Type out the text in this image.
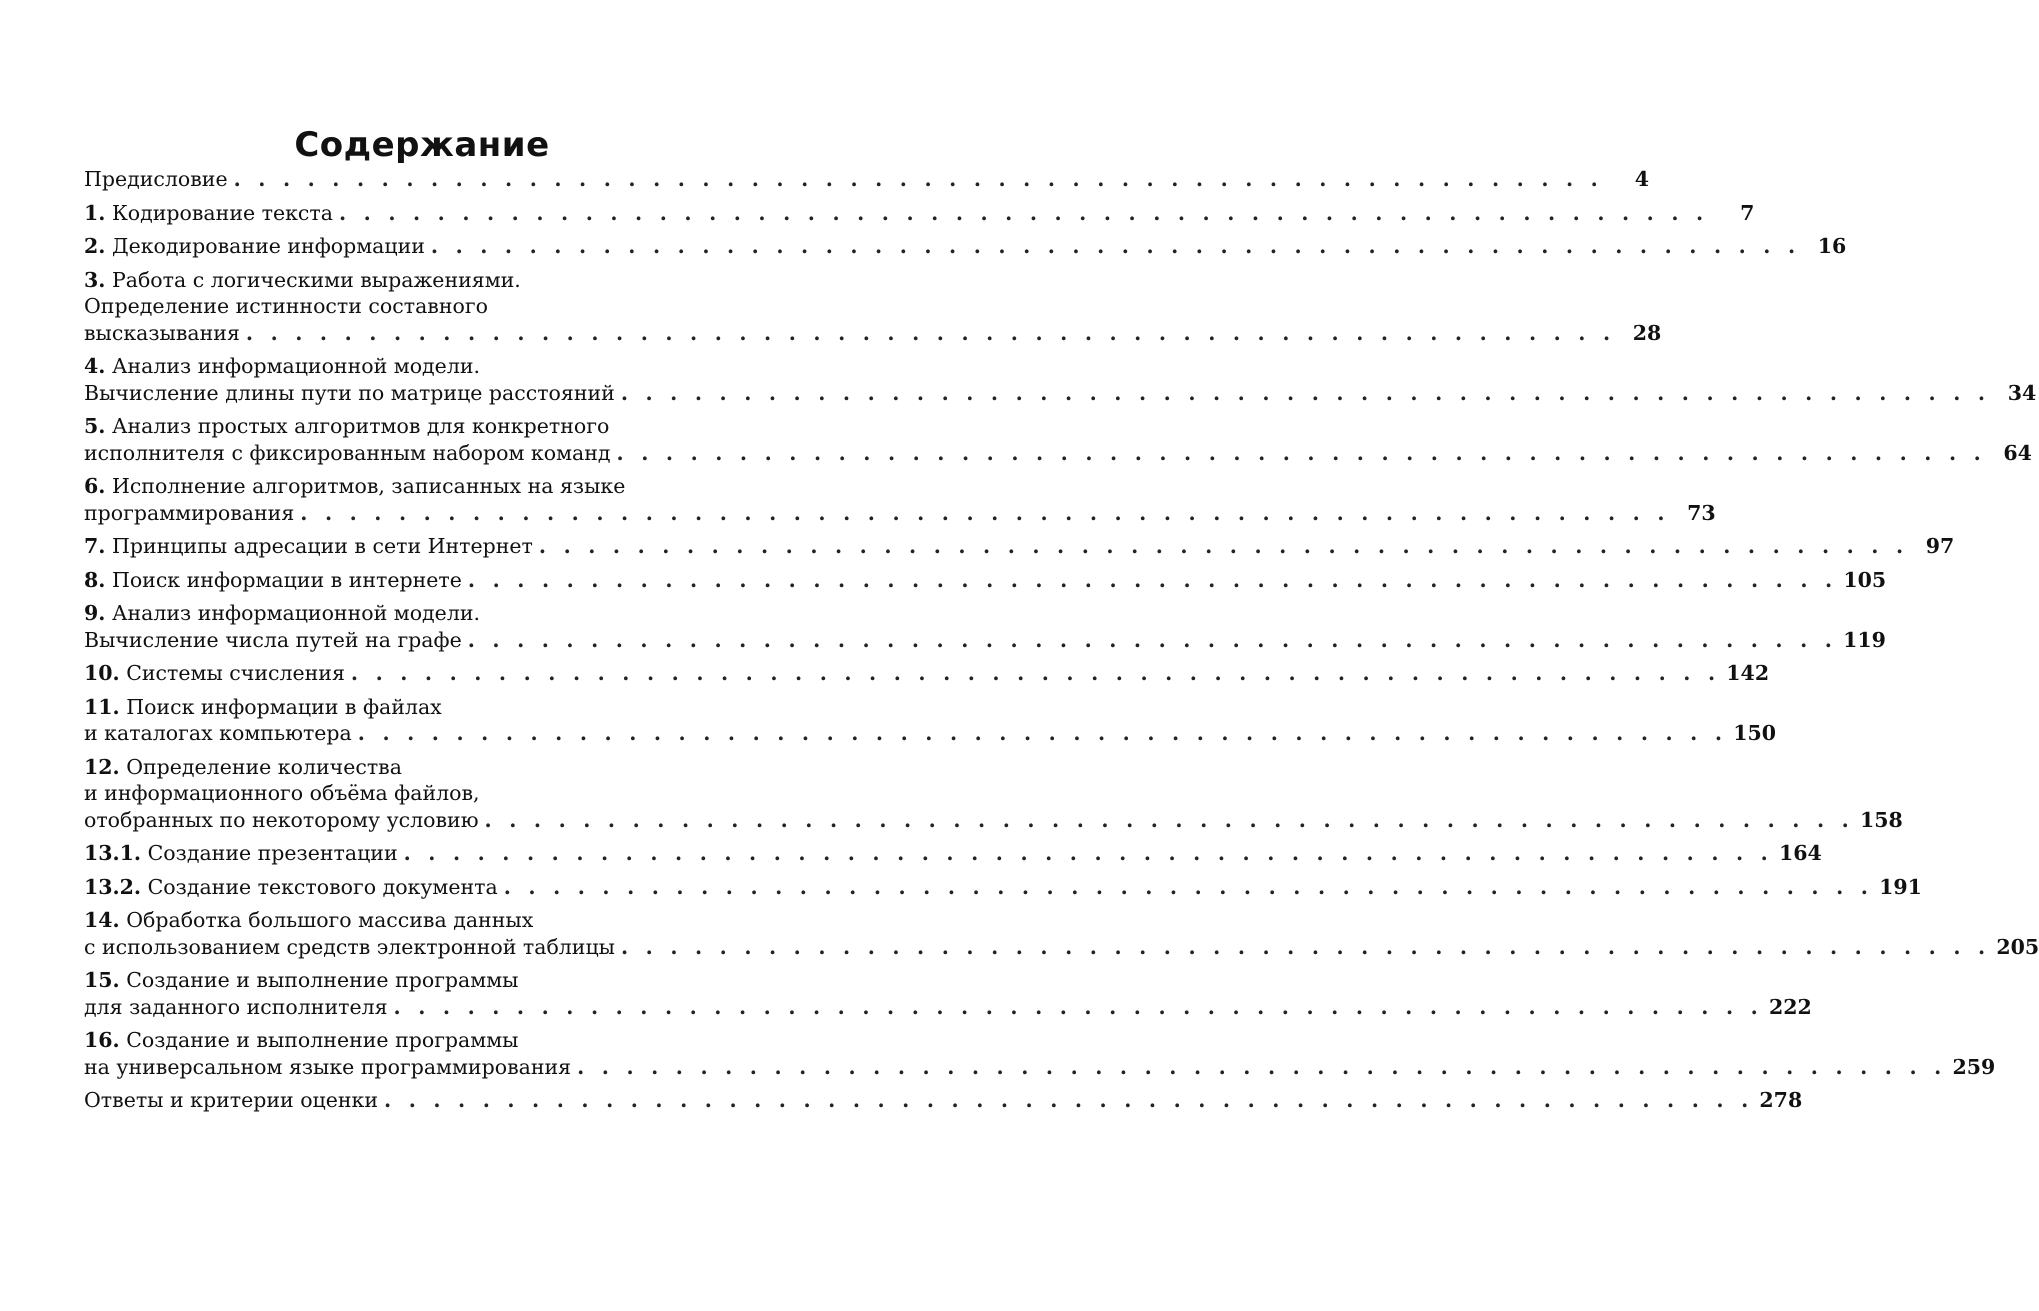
Содержание
Предисловие . . . . . . . . . . . . . . . . . . . . . . . . . . . . . . . . . . . . . . . . . . . . . . . . . . . . . . . .	4
1. Кодирование текста . . . . . . . . . . . . . . . . . . . . . . . . . . . . . . . . . . . . . . . . . . . . . . . . . . . . . . . .	7
2. Декодирование информации . . . . . . . . . . . . . . . . . . . . . . . . . . . . . . . . . . . . . . . . . . . . . . . . . . . . . . . . 16
3. Работа с логическими выражениями.
Определение истинности составного
высказывания . . . . . . . . . . . . . . . . . . . . . . . . . . . . . . . . . . . . . . . . . . . . . . . . . . . . . . . . 28
4. Анализ информационной модели.
Вычисление длины пути по матрице расстояний . . . . . . . . . . . . . . . . . . . . . . . . . . . . . . . . . . . . . . . . . . . . . . . . . . . . . . . . 34
5. Анализ простых алгоритмов для конкретного
исполнителя с фиксированным набором команд . . . . . . . . . . . . . . . . . . . . . . . . . . . . . . . . . . . . . . . . . . . . . . . . . . . . . . . . 64
6. Исполнение алгоритмов, записанных на языке
программирования . . . . . . . . . . . . . . . . . . . . . . . . . . . . . . . . . . . . . . . . . . . . . . . . . . . . . . . . 73
7. Принципы адресации в сети Интернет . . . . . . . . . . . . . . . . . . . . . . . . . . . . . . . . . . . . . . . . . . . . . . . . . . . . . . . . 97
8. Поиск информации в интернете . . . . . . . . . . . . . . . . . . . . . . . . . . . . . . . . . . . . . . . . . . . . . . . . . . . . . . . . 105
9. Анализ информационной модели.
Вычисление числа путей на графе . . . . . . . . . . . . . . . . . . . . . . . . . . . . . . . . . . . . . . . . . . . . . . . . . . . . . . . . 119
10. Системы счисления . . . . . . . . . . . . . . . . . . . . . . . . . . . . . . . . . . . . . . . . . . . . . . . . . . . . . . . . 142
11. Поиск информации в файлах
и каталогах компьютера . . . . . . . . . . . . . . . . . . . . . . . . . . . . . . . . . . . . . . . . . . . . . . . . . . . . . . . . 150
12. Определение количества
и информационного объёма файлов,
отобранных по некоторому условию . . . . . . . . . . . . . . . . . . . . . . . . . . . . . . . . . . . . . . . . . . . . . . . . . . . . . . . . 158
13.1. Создание презентации . . . . . . . . . . . . . . . . . . . . . . . . . . . . . . . . . . . . . . . . . . . . . . . . . . . . . . . . 164
13.2. Создание текстового документа . . . . . . . . . . . . . . . . . . . . . . . . . . . . . . . . . . . . . . . . . . . . . . . . . . . . . . . . 191
14. Обработка большого массива данных
с использованием средств электронной таблицы . . . . . . . . . . . . . . . . . . . . . . . . . . . . . . . . . . . . . . . . . . . . . . . . . . . . . . . . 205
15. Создание и выполнение программы
для заданного исполнителя . . . . . . . . . . . . . . . . . . . . . . . . . . . . . . . . . . . . . . . . . . . . . . . . . . . . . . . . 222
16. Создание и выполнение программы
на универсальном языке программирования . . . . . . . . . . . . . . . . . . . . . . . . . . . . . . . . . . . . . . . . . . . . . . . . . . . . . . . . 259
Ответы и критерии оценки . . . . . . . . . . . . . . . . . . . . . . . . . . . . . . . . . . . . . . . . . . . . . . . . . . . . . . . . 278
